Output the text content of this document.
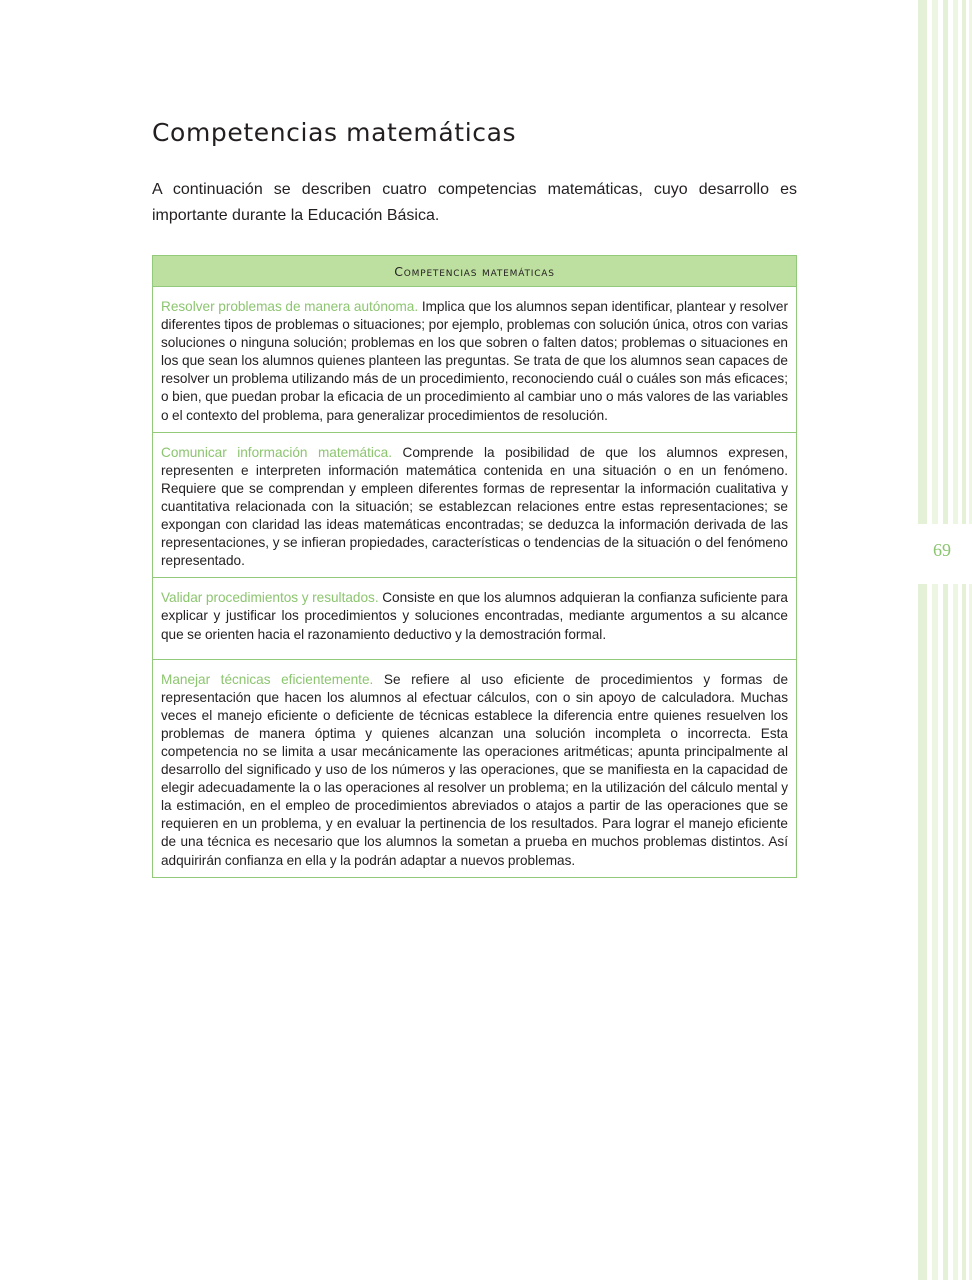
69
Competencias matemáticas

A continuación se describen cuatro competencias matemáticas, cuyo desarrollo es importante durante la Educación Básica.

Competencias matemáticas
Resolver problemas de manera autónoma. Implica que los alumnos sepan identificar, plantear y resolver diferentes tipos de problemas o situaciones; por ejemplo, problemas con solución única, otros con varias soluciones o ninguna solución; problemas en los que sobren o falten datos; problemas o situaciones en los que sean los alumnos quienes planteen las preguntas. Se trata de que los alumnos sean capaces de resolver un problema utilizando más de un procedimiento, reconociendo cuál o cuáles son más eficaces; o bien, que puedan probar la eficacia de un procedimiento al cambiar uno o más valores de las variables o el contexto del problema, para generalizar procedimientos de resolución.
Comunicar información matemática. Comprende la posibilidad de que los alumnos expresen, representen e interpreten información matemática contenida en una situación o en un fenómeno. Requiere que se comprendan y empleen diferentes formas de representar la información cualitativa y cuantitativa relacionada con la situación; se establezcan relaciones entre estas representaciones; se expongan con claridad las ideas matemáticas encontradas; se deduzca la información derivada de las representaciones, y se infieran propiedades, características o tendencias de la situación o del fenómeno representado.
Validar procedimientos y resultados. Consiste en que los alumnos adquieran la confianza suficiente para explicar y justificar los procedimientos y soluciones encontradas, mediante argumentos a su alcance que se orienten hacia el razonamiento deductivo y la demostración formal.
Manejar técnicas eficientemente. Se refiere al uso eficiente de procedimientos y formas de representación que hacen los alumnos al efectuar cálculos, con o sin apoyo de calculadora. Muchas veces el manejo eficiente o deficiente de técnicas establece la diferencia entre quienes resuelven los problemas de manera óptima y quienes alcanzan una solución incompleta o incorrecta. Esta competencia no se limita a usar mecánicamente las operaciones aritméticas; apunta principalmente al desarrollo del significado y uso de los números y las operaciones, que se manifiesta en la capacidad de elegir adecuadamente la o las operaciones al resolver un problema; en la utilización del cálculo mental y la estimación, en el empleo de procedimientos abreviados o atajos a partir de las operaciones que se requieren en un problema, y en evaluar la pertinencia de los resultados. Para lograr el manejo eficiente de una técnica es necesario que los alumnos la sometan a prueba en muchos problemas distintos. Así adquirirán confianza en ella y la podrán adaptar a nuevos problemas.
